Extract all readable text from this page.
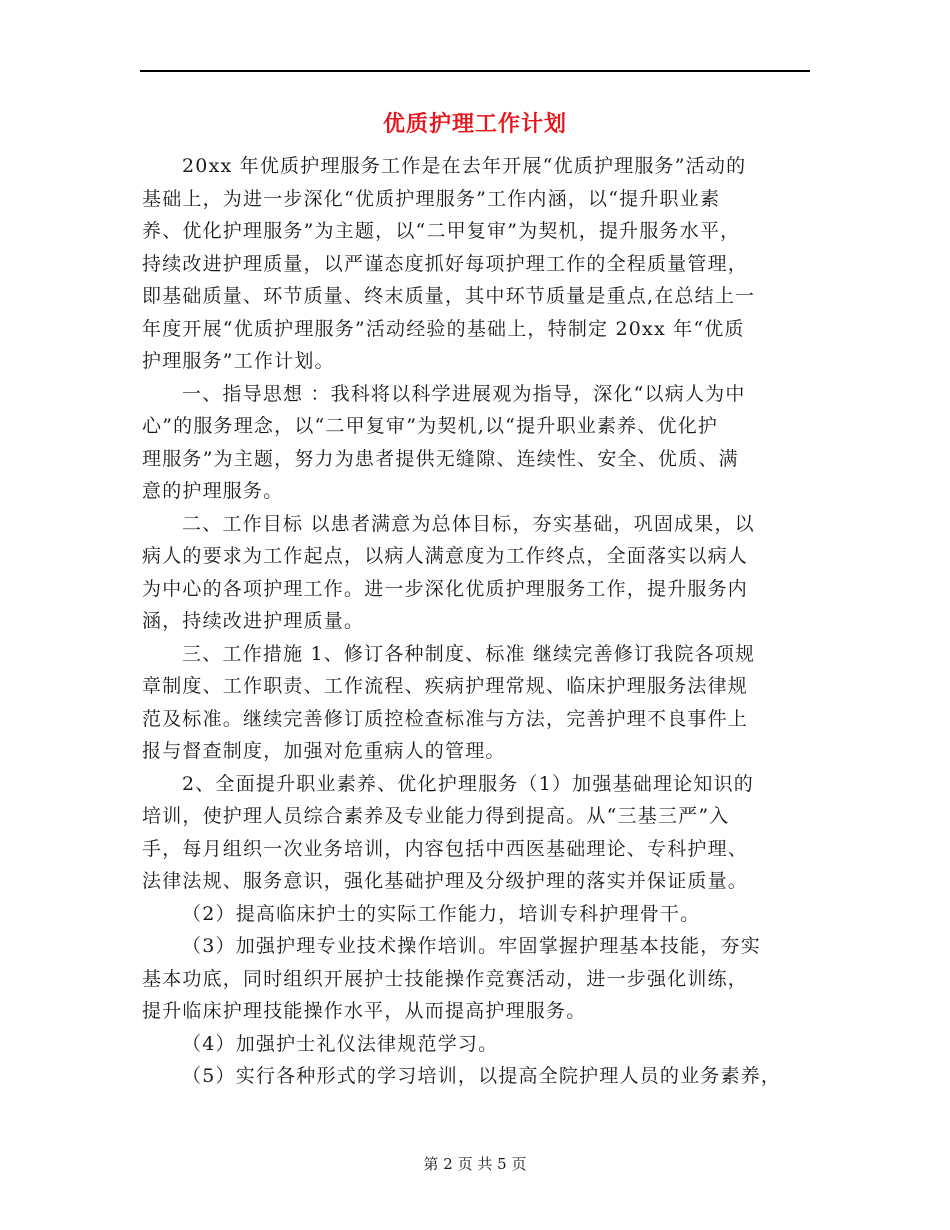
优质护理工作计划
20xx 年优质护理服务工作是在去年开展“优质护理服务”活动的
基础上，为进一步深化“优质护理服务”工作内涵，以“提升职业素
养、优化护理服务”为主题，以“二甲复审”为契机，提升服务水平，
持续改进护理质量，以严谨态度抓好每项护理工作的全程质量管理，
即基础质量、环节质量、终末质量，其中环节质量是重点,在总结上一
年度开展“优质护理服务”活动经验的基础上，特制定 20xx 年“优质
护理服务”工作计划。
一、指导思想 ：我科将以科学进展观为指导，深化“以病人为中
心”的服务理念，以“二甲复审”为契机,以“提升职业素养、优化护
理服务”为主题，努力为患者提供无缝隙、连续性、安全、优质、满
意的护理服务。
二、工作目标 以患者满意为总体目标，夯实基础，巩固成果，以
病人的要求为工作起点，以病人满意度为工作终点，全面落实以病人
为中心的各项护理工作。进一步深化优质护理服务工作，提升服务内
涵，持续改进护理质量。
三、工作措施 1、修订各种制度、标准 继续完善修订我院各项规
章制度、工作职责、工作流程、疾病护理常规、临床护理服务法律规
范及标准。继续完善修订质控检查标准与方法，完善护理不良事件上
报与督查制度，加强对危重病人的管理。
2、全面提升职业素养、优化护理服务（1）加强基础理论知识的
培训，使护理人员综合素养及专业能力得到提高。从“三基三严”入
手，每月组织一次业务培训，内容包括中西医基础理论、专科护理、
法律法规、服务意识，强化基础护理及分级护理的落实并保证质量。
（2）提高临床护士的实际工作能力，培训专科护理骨干。
（3）加强护理专业技术操作培训。牢固掌握护理基本技能，夯实
基本功底，同时组织开展护士技能操作竞赛活动，进一步强化训练，
提升临床护理技能操作水平，从而提高护理服务。
（4）加强护士礼仪法律规范学习。
（5）实行各种形式的学习培训，以提高全院护理人员的业务素养，
第 2 页 共 5 页
